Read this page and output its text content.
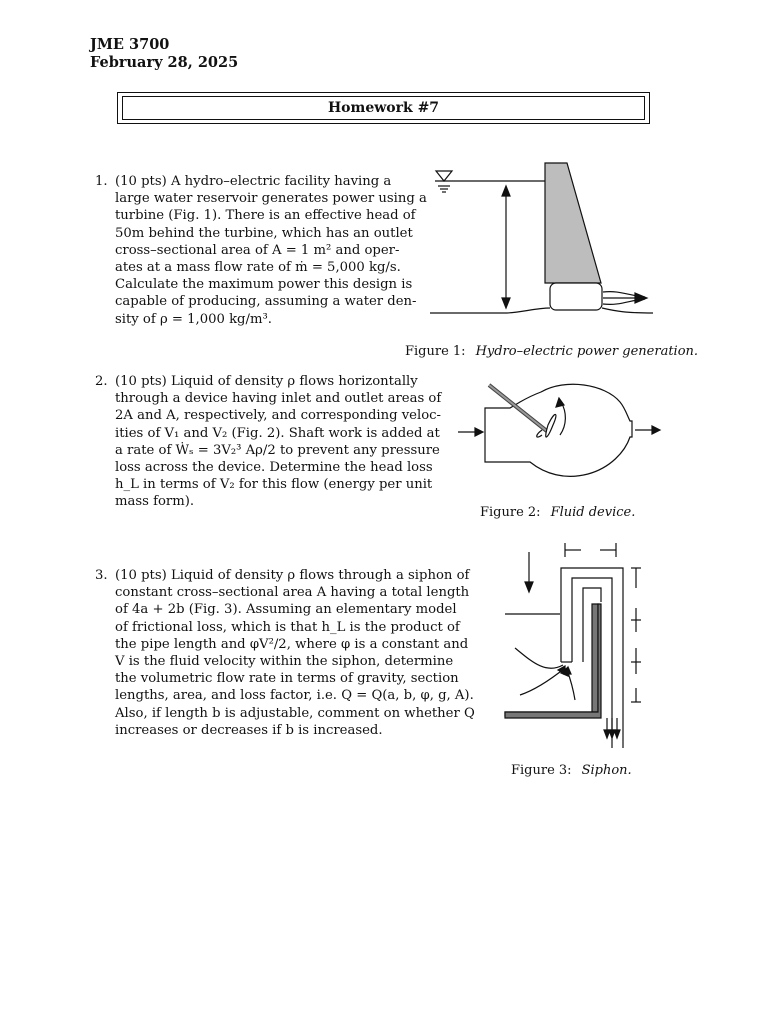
JME 3700
February 28, 2025
Homework #7
1. (10 pts) A hydro–electric facility having a
large water reservoir generates power using a
turbine (Fig. 1). There is an effective head of
50m behind the turbine, which has an outlet
cross–sectional area of A = 1 m² and oper-
ates at a mass flow rate of ṁ = 5,000 kg/s.
Calculate the maximum power this design is
capable of producing, assuming a water den-
sity of ρ = 1,000 kg/m³.
Figure 1: Hydro–electric power generation.
2. (10 pts) Liquid of density ρ flows horizontally
through a device having inlet and outlet areas of
2A and A, respectively, and corresponding veloc-
ities of V₁ and V₂ (Fig. 2). Shaft work is added at
a rate of Ẇₛ = 3V₂³ Aρ/2 to prevent any pressure
loss across the device. Determine the head loss
h_L in terms of V₂ for this flow (energy per unit
mass form).
Figure 2: Fluid device.
3. (10 pts) Liquid of density ρ flows through a siphon of
constant cross–sectional area A having a total length
of 4a + 2b (Fig. 3). Assuming an elementary model
of frictional loss, which is that h_L is the product of
the pipe length and φV²/2, where φ is a constant and
V is the fluid velocity within the siphon, determine
the volumetric flow rate in terms of gravity, section
lengths, area, and loss factor, i.e. Q = Q(a, b, φ, g, A).
Also, if length b is adjustable, comment on whether Q
increases or decreases if b is increased.
Figure 3: Siphon.
